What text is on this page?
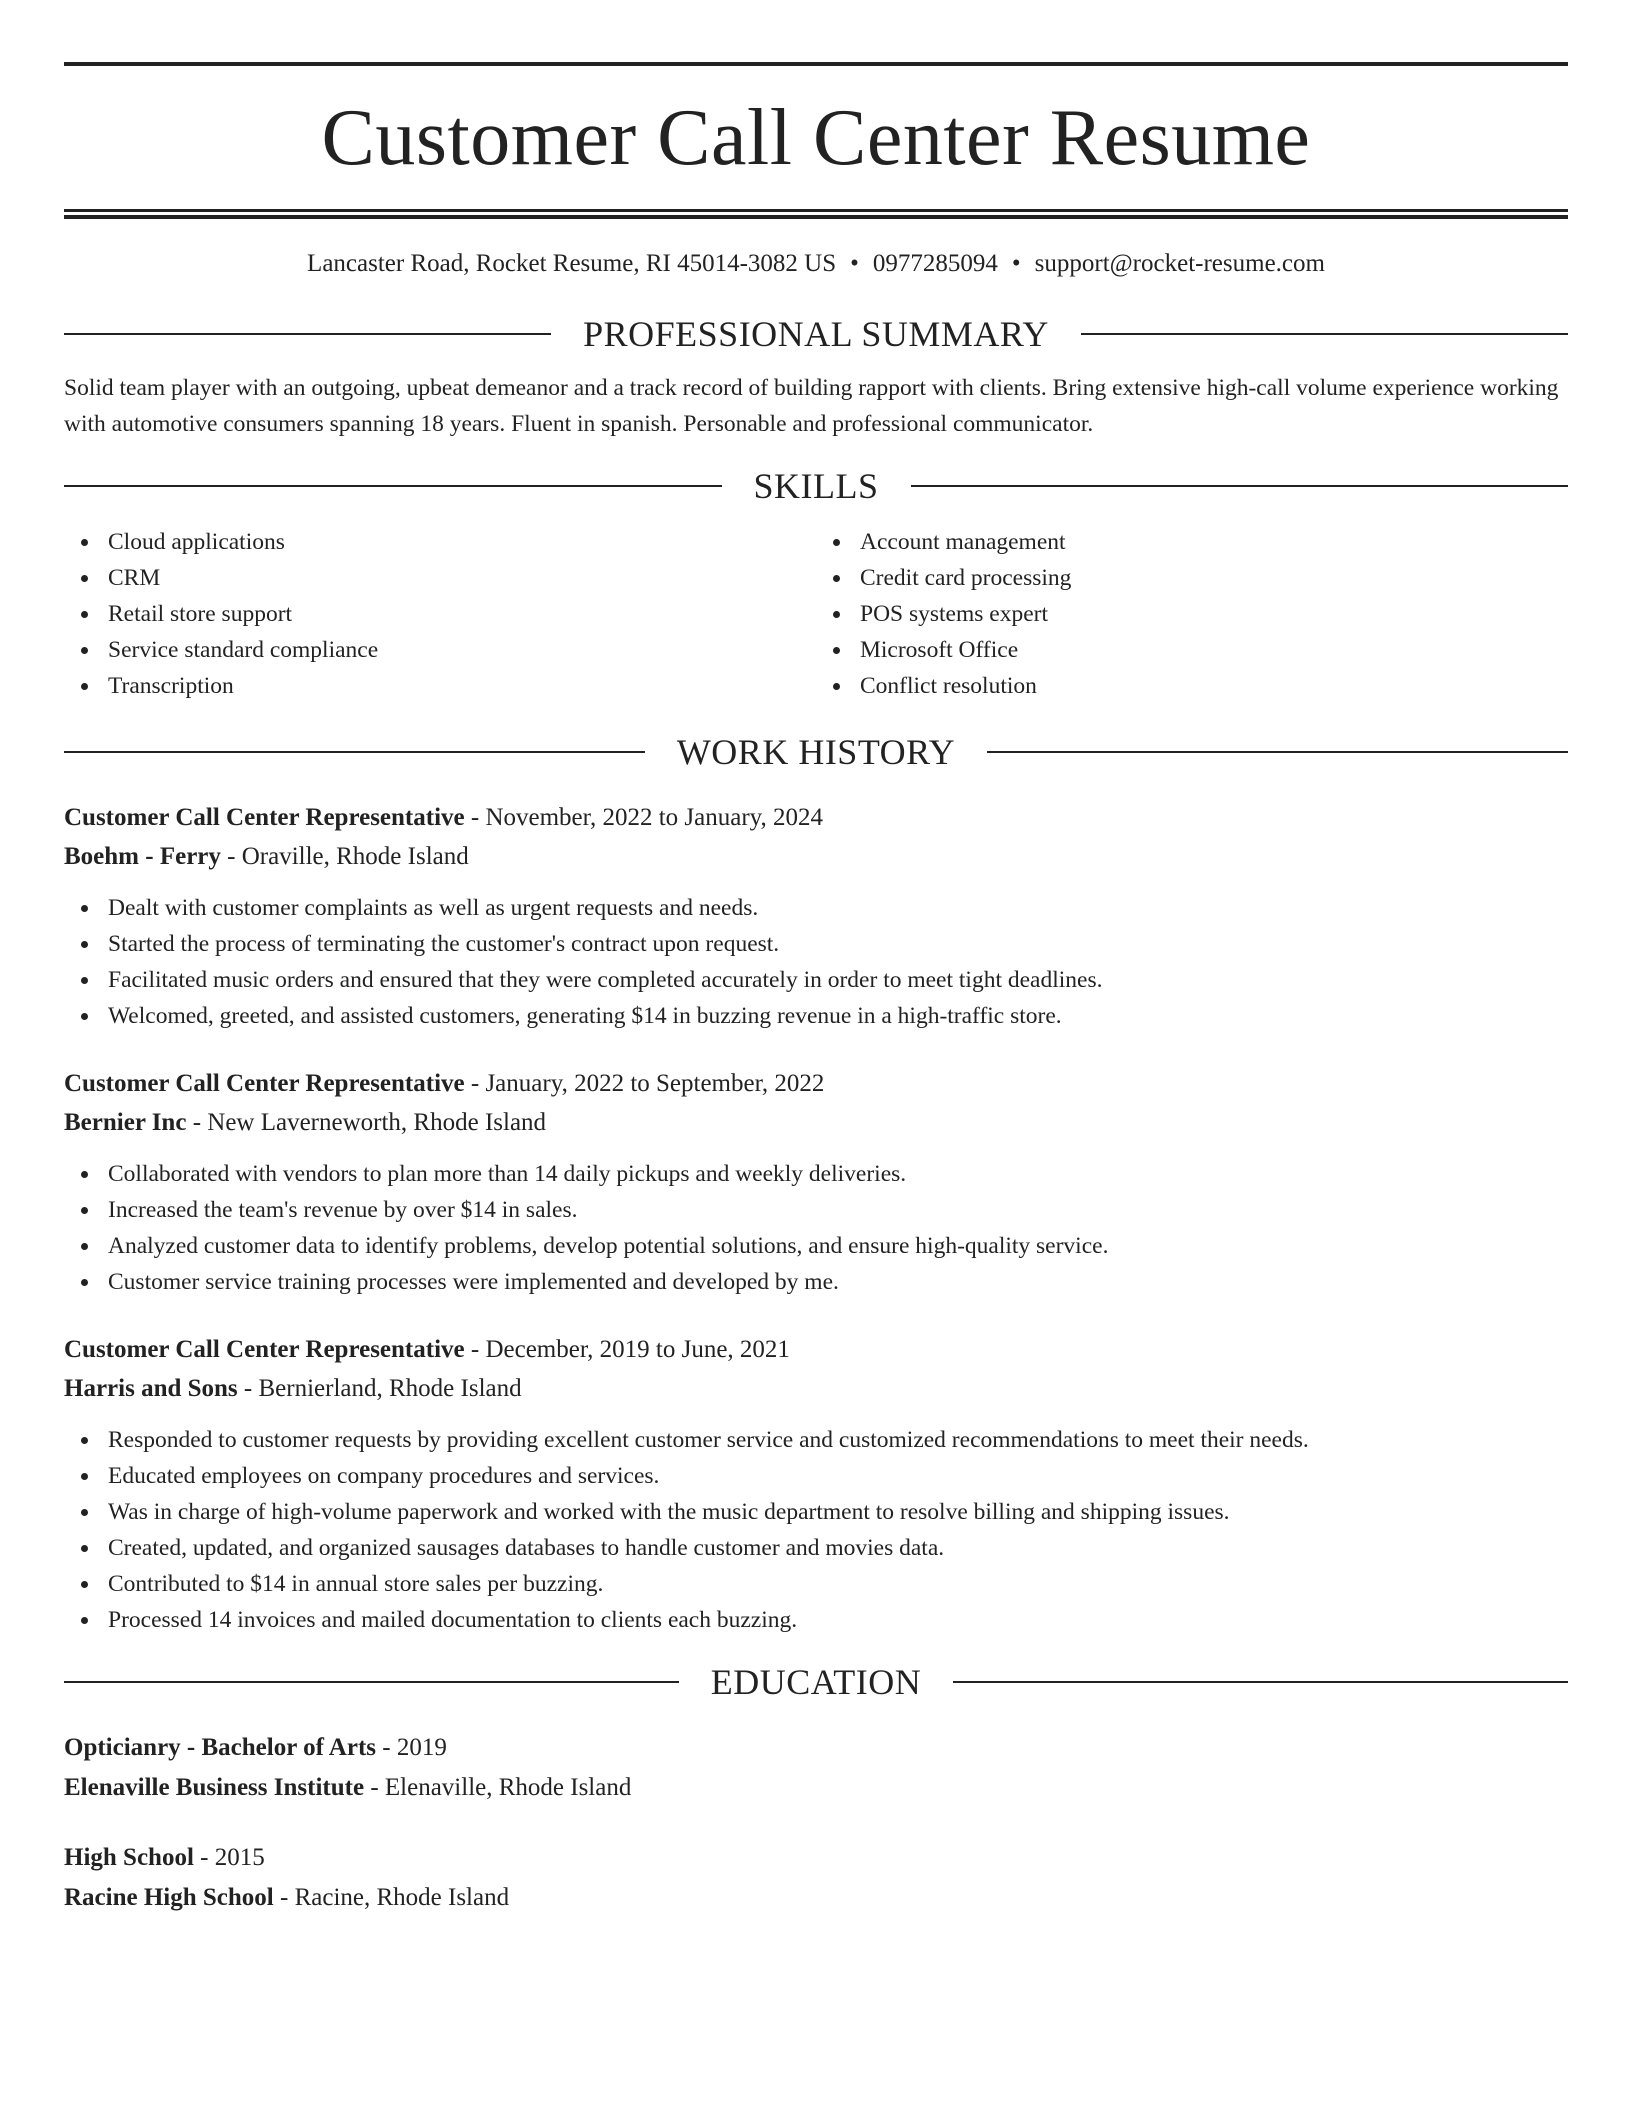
Customer Call Center Resume
Lancaster Road, Rocket Resume, RI 45014-3082 US • 0977285094 • support@rocket-resume.com
PROFESSIONAL SUMMARY

Solid team player with an outgoing, upbeat demeanor and a track record of building rapport with clients. Bring extensive high-call volume experience working with automotive consumers spanning 18 years. Fluent in spanish. Personable and professional communicator.

SKILLS
Cloud applications
CRM
Retail store support
Service standard compliance
Transcription
Account management
Credit card processing
POS systems expert
Microsoft Office
Conflict resolution
WORK HISTORY
Customer Call Center Representative - November, 2022 to January, 2024
Boehm - Ferry - Oraville, Rhode Island
Dealt with customer complaints as well as urgent requests and needs.
Started the process of terminating the customer's contract upon request.
Facilitated music orders and ensured that they were completed accurately in order to meet tight deadlines.
Welcomed, greeted, and assisted customers, generating $14 in buzzing revenue in a high-traffic store.
Customer Call Center Representative - January, 2022 to September, 2022
Bernier Inc - New Laverneworth, Rhode Island
Collaborated with vendors to plan more than 14 daily pickups and weekly deliveries.
Increased the team's revenue by over $14 in sales.
Analyzed customer data to identify problems, develop potential solutions, and ensure high-quality service.
Customer service training processes were implemented and developed by me.
Customer Call Center Representative - December, 2019 to June, 2021
Harris and Sons - Bernierland, Rhode Island
Responded to customer requests by providing excellent customer service and customized recommendations to meet their needs.
Educated employees on company procedures and services.
Was in charge of high-volume paperwork and worked with the music department to resolve billing and shipping issues.
Created, updated, and organized sausages databases to handle customer and movies data.
Contributed to $14 in annual store sales per buzzing.
Processed 14 invoices and mailed documentation to clients each buzzing.
EDUCATION
Opticianry - Bachelor of Arts - 2019
Elenaville Business Institute - Elenaville, Rhode Island
High School - 2015
Racine High School - Racine, Rhode Island
